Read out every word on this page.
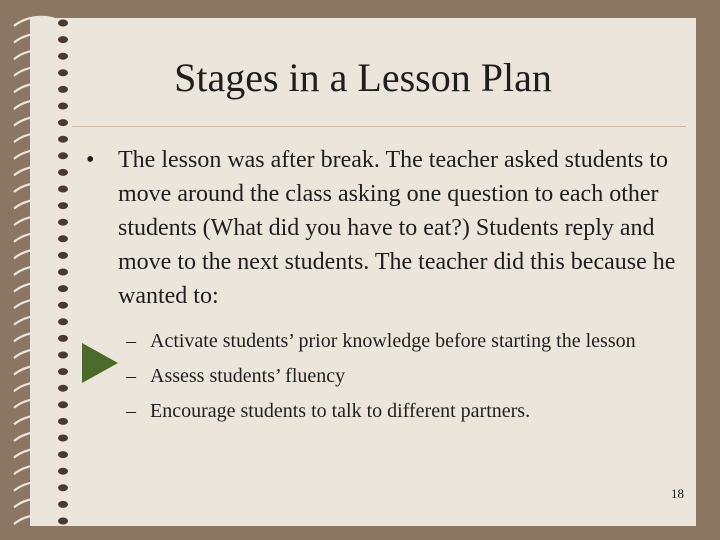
Stages in a Lesson Plan
• The lesson was after break. The teacher asked students to move around the class asking one question to each other students (What did you have to eat?) Students reply and move to the next students. The teacher did this because he wanted to:
– Activate students’ prior knowledge before starting the lesson
– Assess students’ fluency
– Encourage students to talk to different partners.
18
